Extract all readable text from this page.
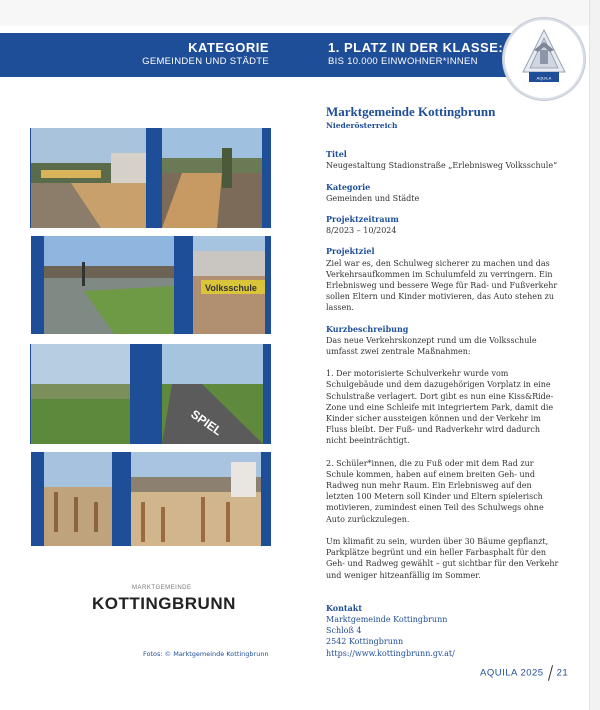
KATEGORIE
GEMEINDEN UND STÄDTE
1. PLATZ IN DER KLASSE:
BIS 10.000 EINWOHNER*INNEN
AQUILA
Volksschule
SPIEL
Marktgemeinde Kottingbrunn
Niederösterreich
Titel
Neugestaltung Stadionstraße „Erlebnisweg Volksschule“
Kategorie
Gemeinden und Städte
Projektzeitraum
8/2023 – 10/2024
Projektziel
Ziel war es, den Schulweg sicherer zu machen und das Verkehrsaufkommen im Schulumfeld zu verringern. Ein Erlebnisweg und bessere Wege für Rad- und Fußverkehr sollen Eltern und Kinder motivieren, das Auto stehen zu lassen.
Kurzbeschreibung

Das neue Verkehrskonzept rund um die Volksschule umfasst zwei zentrale Maßnahmen:

1. Der motorisierte Schulverkehr wurde vom Schulgebäude und dem dazugehörigen Vorplatz in eine Schulstraße verlagert. Dort gibt es nun eine Kiss&Ride-Zone und eine Schleife mit integriertem Park, damit die Kinder sicher aussteigen können und der Verkehr im Fluss bleibt. Der Fuß- und Radverkehr wird dadurch nicht beeinträchtigt.

2. Schüler*innen, die zu Fuß oder mit dem Rad zur Schule kommen, haben auf einem breiten Geh- und Radweg nun mehr Raum. Ein Erlebnisweg auf den letzten 100 Metern soll Kinder und Eltern spielerisch motivieren, zumindest einen Teil des Schulwegs ohne Auto zurückzulegen.

Um klimafit zu sein, wurden über 30 Bäume gepflanzt, Parkplätze begrünt und ein heller Farbasphalt für den Geh- und Radweg gewählt – gut sichtbar für den Verkehr und weniger hitzeanfällig im Sommer.

Kontakt
Marktgemeinde Kottingbrunn
Schloß 4
2542 Kottingbrunn
https://www.kottingbrunn.gv.at/
MARKTGEMEINDE
KOTTINGBRUNN
Fotos: © Marktgemeinde Kottingbrunn
AQUILA 2025 21
